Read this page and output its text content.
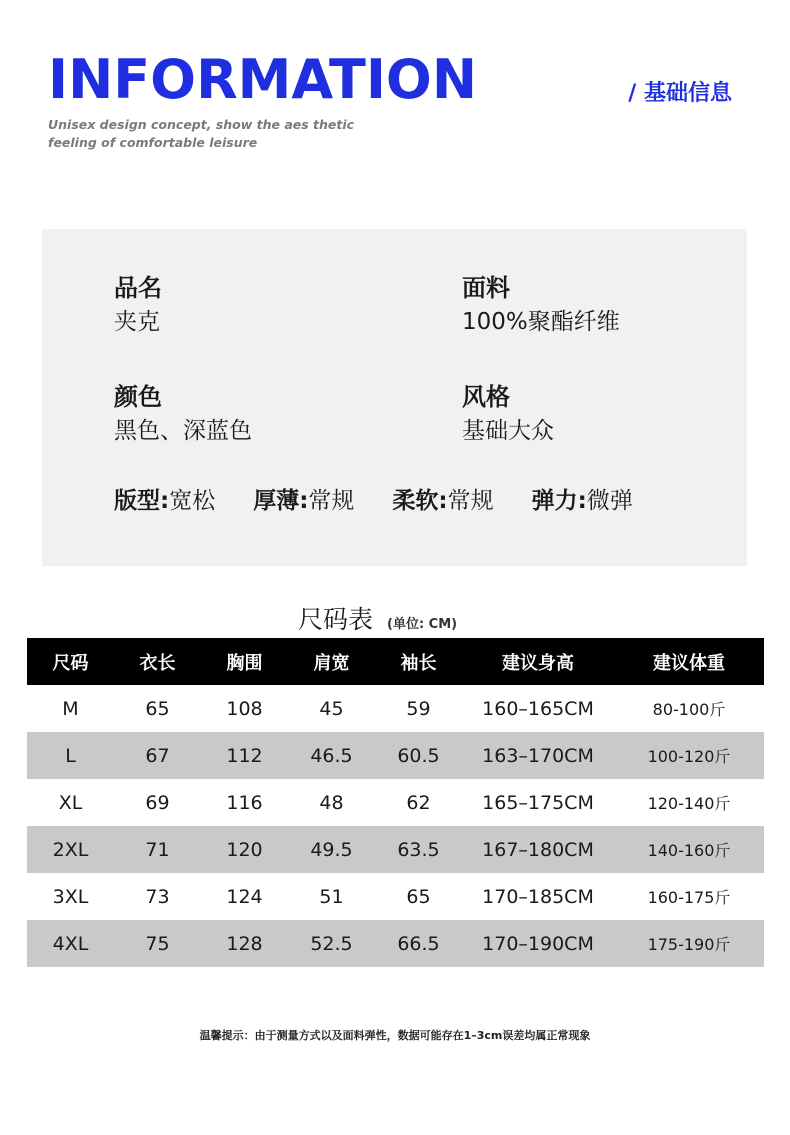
INFORMATION	/ 基础信息
Unisex design concept, show the aes thetic
feeling of comfortable leisure
品名
夹克
面料
100%聚酯纤维
颜色
黑色、深蓝色
风格
基础大众
版型:宽松 厚薄:常规 柔软:常规 弹力:微弹
尺码表 (单位: CM)
尺码	衣长	胸围	肩宽	袖长	建议身高	建议体重
M	65	108	45	59	160–165CM	80-100斤
L	67	112	46.5	60.5	163–170CM	100-120斤
XL	69	116	48	62	165–175CM	120-140斤
2XL	71	120	49.5	63.5	167–180CM	140-160斤
3XL	73	124	51	65	170–185CM	160-175斤
4XL	75	128	52.5	66.5	170–190CM	175-190斤
温馨提示：由于测量方式以及面料弹性，数据可能存在1–3cm误差均属正常现象
